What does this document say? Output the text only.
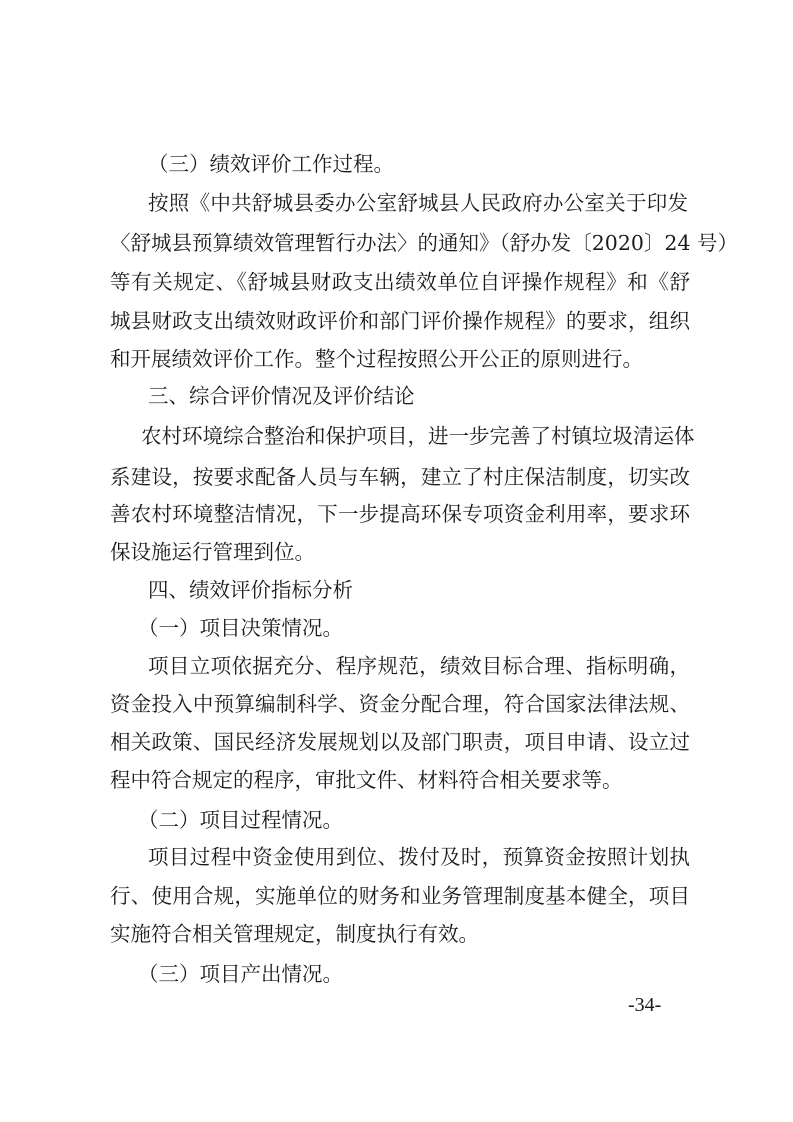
（三）绩效评价工作过程。
按照《中共舒城县委办公室舒城县人民政府办公室关于印发
〈舒城县预算绩效管理暂行办法〉的通知》（舒办发〔2020〕24 号）
等有关规定、《舒城县财政支出绩效单位自评操作规程》和《舒
城县财政支出绩效财政评价和部门评价操作规程》的要求，组织
和开展绩效评价工作。整个过程按照公开公正的原则进行。
三、综合评价情况及评价结论
农村环境综合整治和保护项目，进一步完善了村镇垃圾清运体
系建设，按要求配备人员与车辆，建立了村庄保洁制度，切实改
善农村环境整洁情况，下一步提高环保专项资金利用率，要求环
保设施运行管理到位。
四、绩效评价指标分析
（一）项目决策情况。
项目立项依据充分、程序规范，绩效目标合理、指标明确，
资金投入中预算编制科学、资金分配合理，符合国家法律法规、
相关政策、国民经济发展规划以及部门职责，项目申请、设立过
程中符合规定的程序，审批文件、材料符合相关要求等。
（二）项目过程情况。
项目过程中资金使用到位、拨付及时，预算资金按照计划执
行、使用合规，实施单位的财务和业务管理制度基本健全，项目
实施符合相关管理规定，制度执行有效。
（三）项目产出情况。
-34-
